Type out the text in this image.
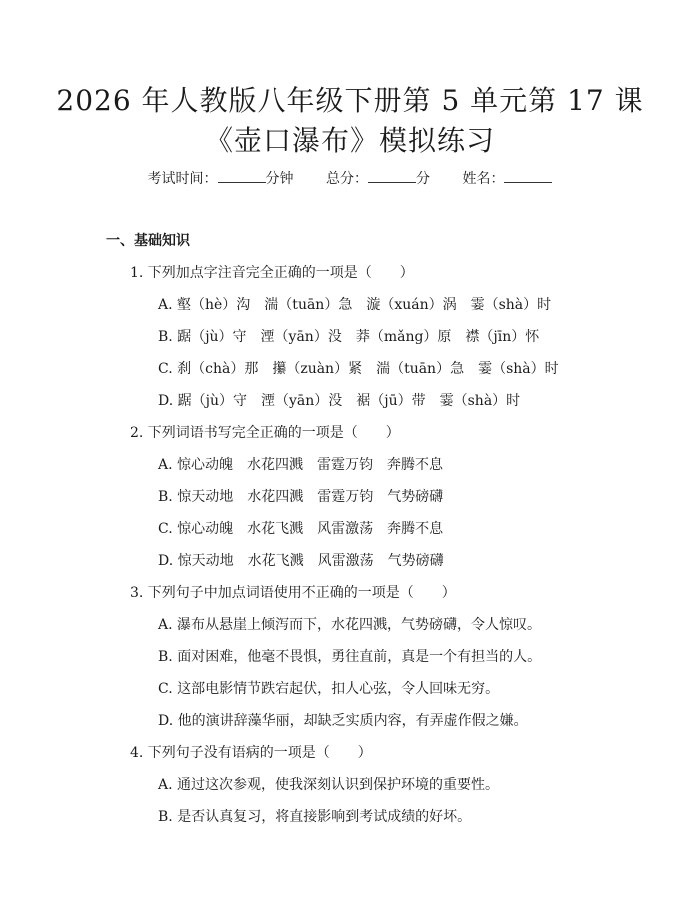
2026 年人教版八年级下册第 5 单元第 17 课
《壶口瀑布》模拟练习
考试时间：	分钟 总分：	分 姓名：
一、基础知识
1. 下列加点字注音完全正确的一项是（　　）
A. 壑（hè）沟　湍（tuān）急　漩（xuán）涡　霎（shà）时
B. 踞（jù）守　湮（yān）没　莽（mǎng）原　襟（jīn）怀
C. 刹（chà）那　攥（zuàn）紧　湍（tuān）急　霎（shà）时
D. 踞（jù）守　湮（yān）没　裾（jū）带　霎（shà）时
2. 下列词语书写完全正确的一项是（　　）
A. 惊心动魄　水花四溅　雷霆万钧　奔腾不息
B. 惊天动地　水花四溅　雷霆万钧　气势磅礴
C. 惊心动魄　水花飞溅　风雷激荡　奔腾不息
D. 惊天动地　水花飞溅　风雷激荡　气势磅礴
3. 下列句子中加点词语使用不正确的一项是（　　）
A. 瀑布从悬崖上倾泻而下，水花四溅，气势磅礴，令人惊叹。
B. 面对困难，他毫不畏惧，勇往直前，真是一个有担当的人。
C. 这部电影情节跌宕起伏，扣人心弦，令人回味无穷。
D. 他的演讲辞藻华丽，却缺乏实质内容，有弄虚作假之嫌。
4. 下列句子没有语病的一项是（　　）
A. 通过这次参观，使我深刻认识到保护环境的重要性。
B. 是否认真复习，将直接影响到考试成绩的好坏。
